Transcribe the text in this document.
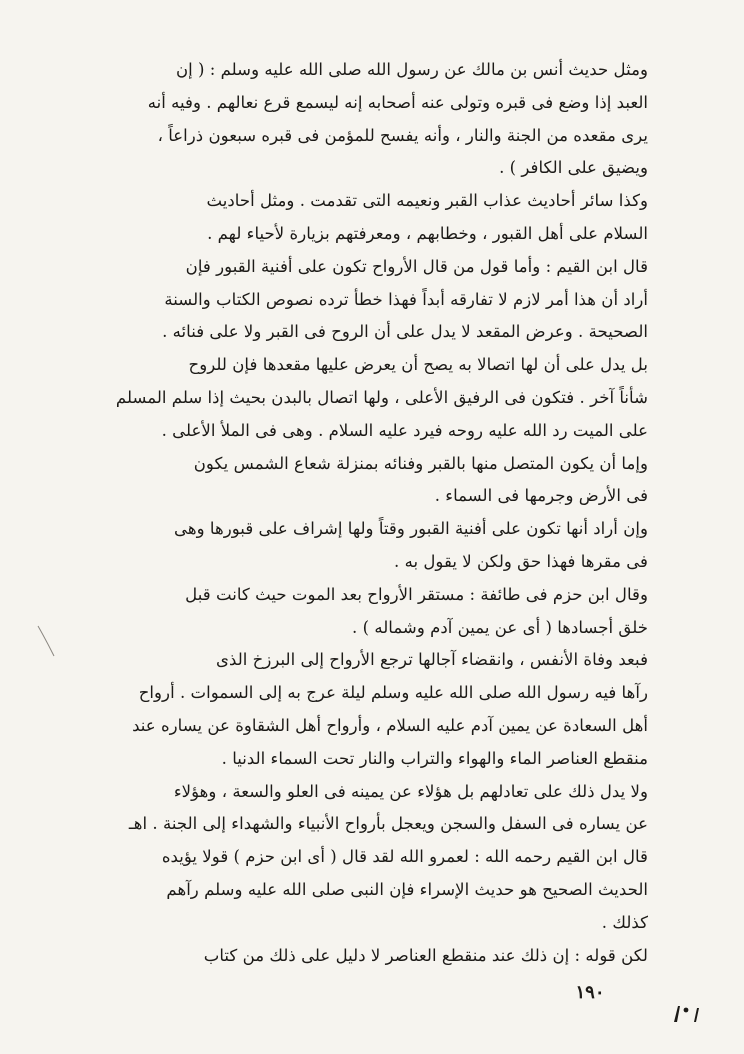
ومثل حديث أنس بن مالك عن رسول الله صلى الله عليه وسلم : ( إن
العبد إذا وضع فى قبره وتولى عنه أصحابه إنه ليسمع قرع نعالهم . وفيه أنه
يرى مقعده من الجنة والنار ، وأنه يفسح للمؤمن فى قبره سبعون ذراعاً ،
ويضيق على الكافر ) .
وكذا سائر أحاديث عذاب القبر ونعيمه التى تقدمت . ومثل أحاديث
السلام على أهل القبور ، وخطابهم ، ومعرفتهم بزيارة لأحياء لهم .
قال ابن القيم : وأما قول من قال الأرواح تكون على أفنية القبور فإن
أراد أن هذا أمر لازم لا تفارقه أبداً فهذا خطأ ترده نصوص الكتاب والسنة
الصحيحة . وعرض المقعد لا يدل على أن الروح فى القبر ولا على فنائه .
بل يدل على أن لها اتصالا به يصح أن يعرض عليها مقعدها فإن للروح
شأناً آخر . فتكون فى الرفيق الأعلى ، ولها اتصال بالبدن بحيث إذا سلم المسلم
على الميت رد الله عليه روحه فيرد عليه السلام . وهى فى الملأ الأعلى .
وإما أن يكون المتصل منها بالقبر وفنائه بمنزلة شعاع الشمس يكون
فى الأرض وجرمها فى السماء .
وإن أراد أنها تكون على أفنية القبور وقتاً ولها إشراف على قبورها وهى
فى مقرها فهذا حق ولكن لا يقول به .
وقال ابن حزم فى طائفة : مستقر الأرواح بعد الموت حيث كانت قبل
خلق أجسادها ( أى عن يمين آدم وشماله ) .
فبعد وفاة الأنفس ، وانقضاء آجالها ترجع الأرواح إلى البرزخ الذى
رآها فيه رسول الله صلى الله عليه وسلم ليلة عرج به إلى السموات . أرواح
أهل السعادة عن يمين آدم عليه السلام ، وأرواح أهل الشقاوة عن يساره عند
منقطع العناصر الماء والهواء والتراب والنار تحت السماء الدنيا .
ولا يدل ذلك على تعادلهم بل هؤلاء عن يمينه فى العلو والسعة ، وهؤلاء
عن يساره فى السفل والسجن ويعجل بأرواح الأنبياء والشهداء إلى الجنة . اهـ
قال ابن القيم رحمه الله : لعمرو الله لقد قال ( أى ابن حزم ) قولا يؤيده
الحديث الصحيح هو حديث الإسراء فإن النبى صلى الله عليه وسلم رآهم
كذلك .
لكن قوله : إن ذلك عند منقطع العناصر لا دليل على ذلك من كتاب
١٩٠
